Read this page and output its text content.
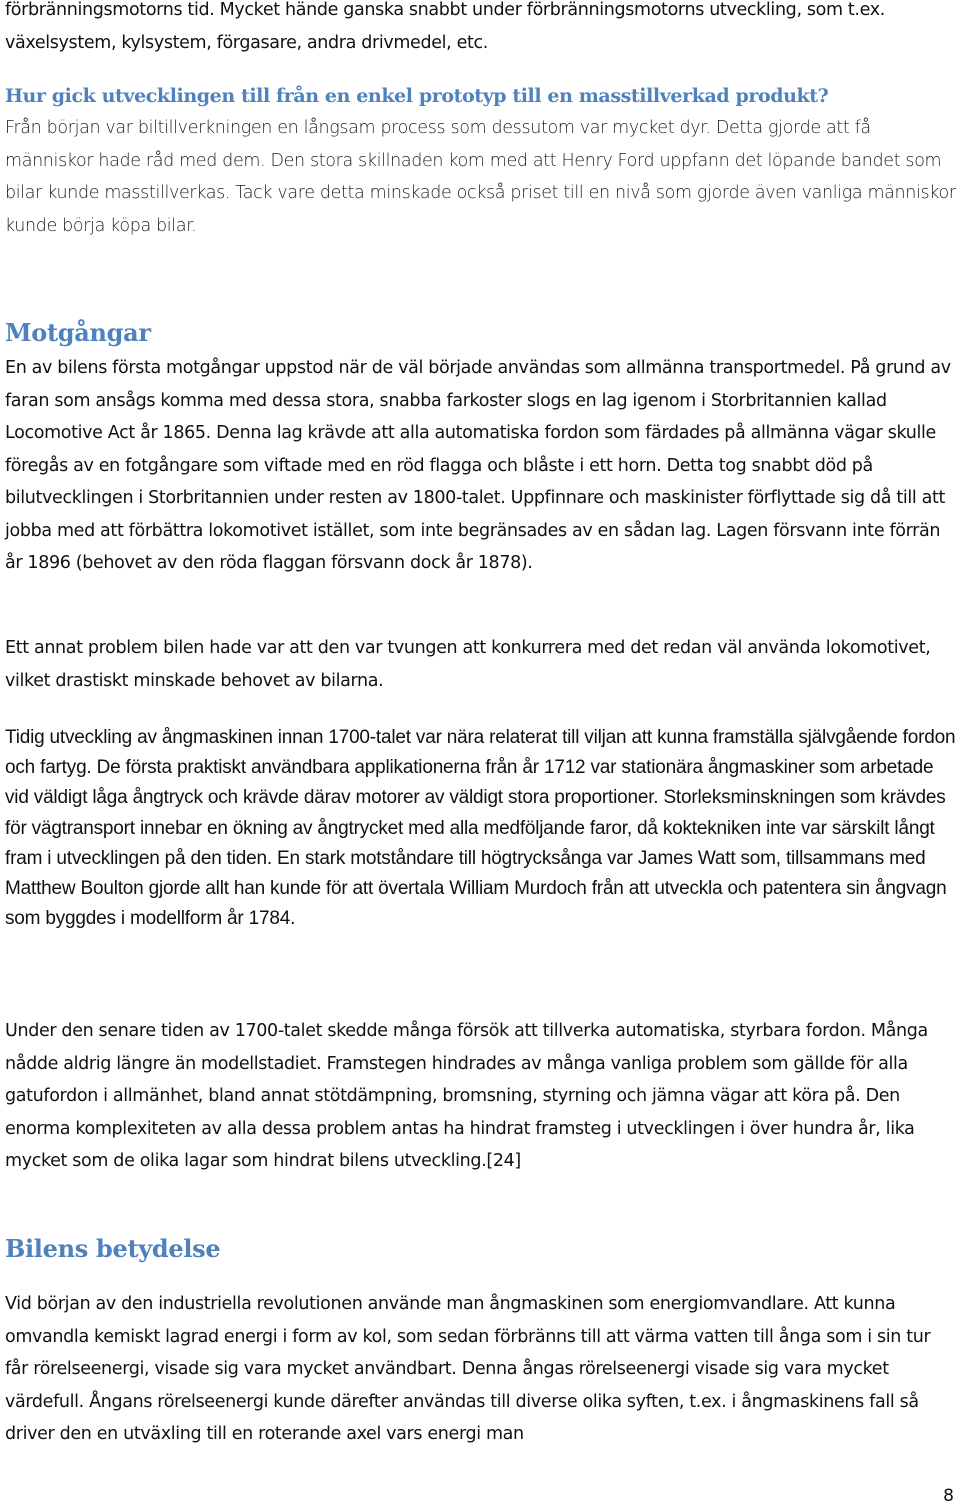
förbränningsmotorns tid. Mycket hände ganska snabbt under förbränningsmotorns utveckling, som t.ex. växelsystem, kylsystem, förgasare, andra drivmedel, etc.

Hur gick utvecklingen till från en enkel prototyp till en masstillverkad produkt?

Från början var biltillverkningen en långsam process som dessutom var mycket dyr. Detta gjorde att få människor hade råd med dem. Den stora skillnaden kom med att Henry Ford uppfann det löpande bandet som bilar kunde masstillverkas. Tack vare detta minskade också priset till en nivå som gjorde även vanliga människor kunde börja köpa bilar.

Motgångar

En av bilens första motgångar uppstod när de väl började användas som allmänna transportmedel. På grund av faran som ansågs komma med dessa stora, snabba farkoster slogs en lag igenom i Storbritannien kallad Locomotive Act år 1865. Denna lag krävde att alla automatiska fordon som färdades på allmänna vägar skulle föregås av en fotgångare som viftade med en röd flagga och blåste i ett horn. Detta tog snabbt död på bilutvecklingen i Storbritannien under resten av 1800-talet. Uppfinnare och maskinister förflyttade sig då till att jobba med att förbättra lokomotivet istället, som inte begränsades av en sådan lag. Lagen försvann inte förrän år 1896 (behovet av den röda flaggan försvann dock år 1878).

Ett annat problem bilen hade var att den var tvungen att konkurrera med det redan väl använda lokomotivet, vilket drastiskt minskade behovet av bilarna.

Tidig utveckling av ångmaskinen innan 1700-talet var nära relaterat till viljan att kunna framställa självgående fordon och fartyg. De första praktiskt användbara applikationerna från år 1712 var stationära ångmaskiner som arbetade vid väldigt låga ångtryck och krävde därav motorer av väldigt stora proportioner. Storleksminskningen som krävdes för vägtransport innebar en ökning av ångtrycket med alla medföljande faror, då koktekniken inte var särskilt långt fram i utvecklingen på den tiden. En stark motståndare till högtrycksånga var James Watt som, tillsammans med Matthew Boulton gjorde allt han kunde för att övertala William Murdoch från att utveckla och patentera sin ångvagn som byggdes i modellform år 1784.

Under den senare tiden av 1700-talet skedde många försök att tillverka automatiska, styrbara fordon. Många nådde aldrig längre än modellstadiet. Framstegen hindrades av många vanliga problem som gällde för alla gatufordon i allmänhet, bland annat stötdämpning, bromsning, styrning och jämna vägar att köra på. Den enorma komplexiteten av alla dessa problem antas ha hindrat framsteg i utvecklingen i över hundra år, lika mycket som de olika lagar som hindrat bilens utveckling.[24]

Bilens betydelse

Vid början av den industriella revolutionen använde man ångmaskinen som energiomvandlare. Att kunna omvandla kemiskt lagrad energi i form av kol, som sedan förbränns till att värma vatten till ånga som i sin tur får rörelseenergi, visade sig vara mycket användbart. Denna ångas rörelseenergi visade sig vara mycket värdefull. Ångans rörelseenergi kunde därefter användas till diverse olika syften, t.ex. i ångmaskinens fall så driver den en utväxling till en roterande axel vars energi man

8
